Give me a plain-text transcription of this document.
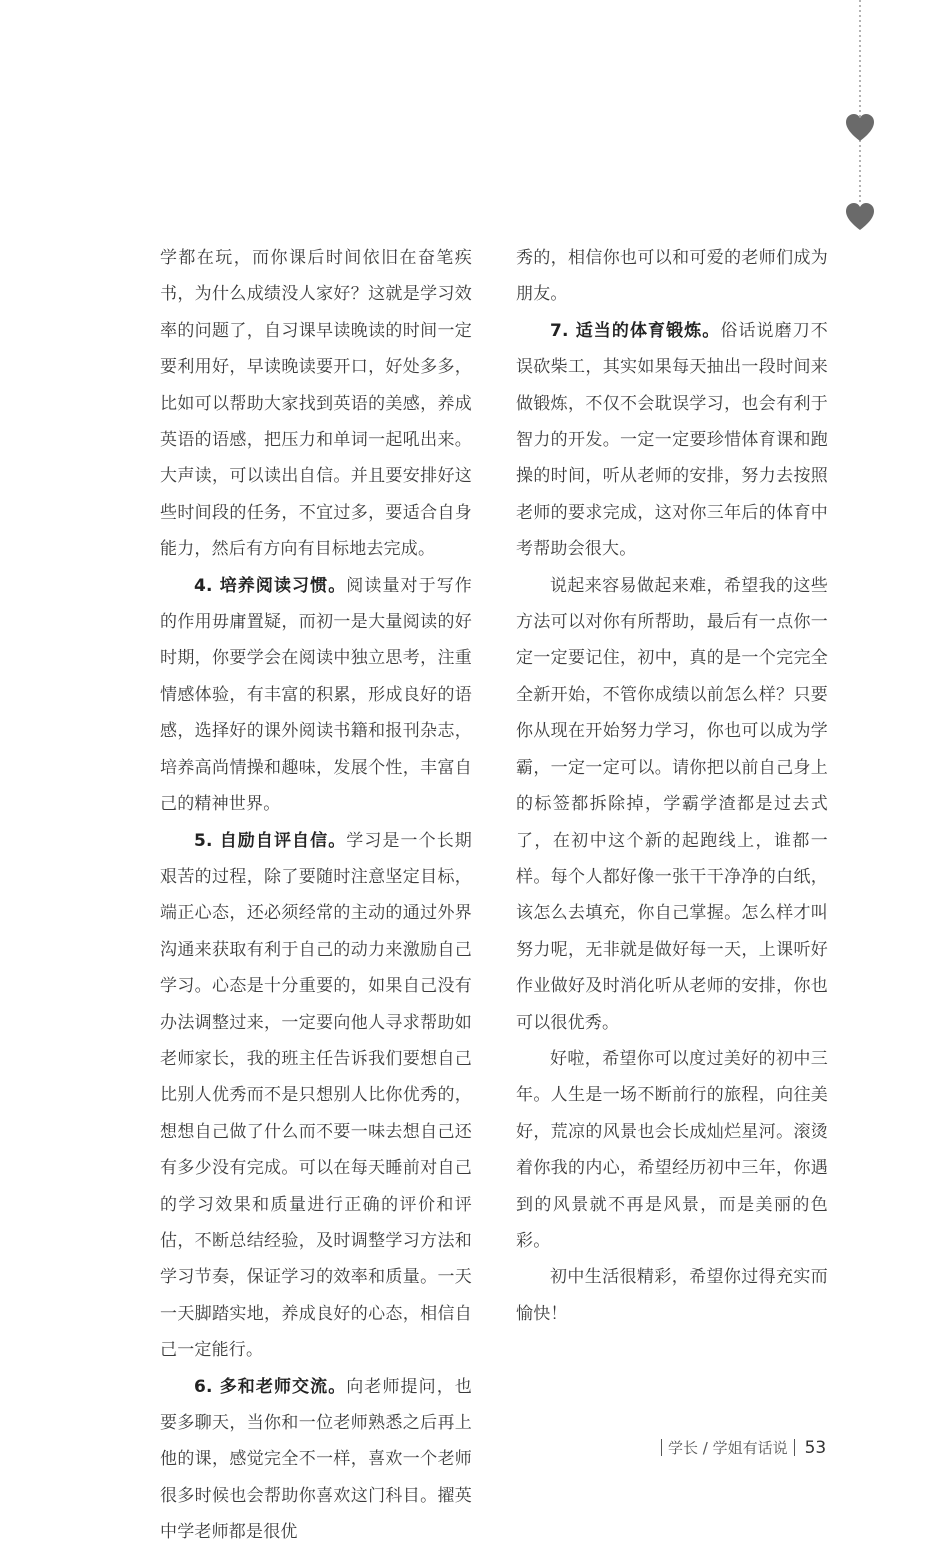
学都在玩，而你课后时间依旧在奋笔疾书，为什么成绩没人家好？这就是学习效率的问题了，自习课早读晚读的时间一定要利用好，早读晚读要开口，好处多多，比如可以帮助大家找到英语的美感，养成英语的语感，把压力和单词一起吼出来。大声读，可以读出自信。并且要安排好这些时间段的任务，不宜过多，要适合自身能力，然后有方向有目标地去完成。

4. 培养阅读习惯。阅读量对于写作的作用毋庸置疑，而初一是大量阅读的好时期，你要学会在阅读中独立思考，注重情感体验，有丰富的积累，形成良好的语感，选择好的课外阅读书籍和报刊杂志，培养高尚情操和趣味，发展个性，丰富自己的精神世界。

5. 自励自评自信。学习是一个长期艰苦的过程，除了要随时注意坚定目标，端正心态，还必须经常的主动的通过外界沟通来获取有利于自己的动力来激励自己学习。心态是十分重要的，如果自己没有办法调整过来，一定要向他人寻求帮助如老师家长，我的班主任告诉我们要想自己比别人优秀而不是只想别人比你优秀的，想想自己做了什么而不要一味去想自己还有多少没有完成。可以在每天睡前对自己的学习效果和质量进行正确的评价和评估，不断总结经验，及时调整学习方法和学习节奏，保证学习的效率和质量。一天一天脚踏实地，养成良好的心态，相信自己一定能行。

6. 多和老师交流。向老师提问，也要多聊天，当你和一位老师熟悉之后再上他的课，感觉完全不一样，喜欢一个老师很多时候也会帮助你喜欢这门科目。擢英中学老师都是很优

秀的，相信你也可以和可爱的老师们成为朋友。

7. 适当的体育锻炼。俗话说磨刀不误砍柴工，其实如果每天抽出一段时间来做锻炼，不仅不会耽误学习，也会有利于智力的开发。一定一定要珍惜体育课和跑操的时间，听从老师的安排，努力去按照老师的要求完成，这对你三年后的体育中考帮助会很大。

说起来容易做起来难，希望我的这些方法可以对你有所帮助，最后有一点你一定一定要记住，初中，真的是一个完完全全新开始，不管你成绩以前怎么样？只要你从现在开始努力学习，你也可以成为学霸，一定一定可以。请你把以前自己身上的标签都拆除掉，学霸学渣都是过去式了，在初中这个新的起跑线上，谁都一样。每个人都好像一张干干净净的白纸，该怎么去填充，你自己掌握。怎么样才叫努力呢，无非就是做好每一天，上课听好作业做好及时消化听从老师的安排，你也可以很优秀。

好啦，希望你可以度过美好的初中三年。人生是一场不断前行的旅程，向往美好，荒凉的风景也会长成灿烂星河。滚烫着你我的内心，希望经历初中三年，你遇到的风景就不再是风景，而是美丽的色彩。

初中生活很精彩，希望你过得充实而愉快！

学长 / 学姐有话说 53
